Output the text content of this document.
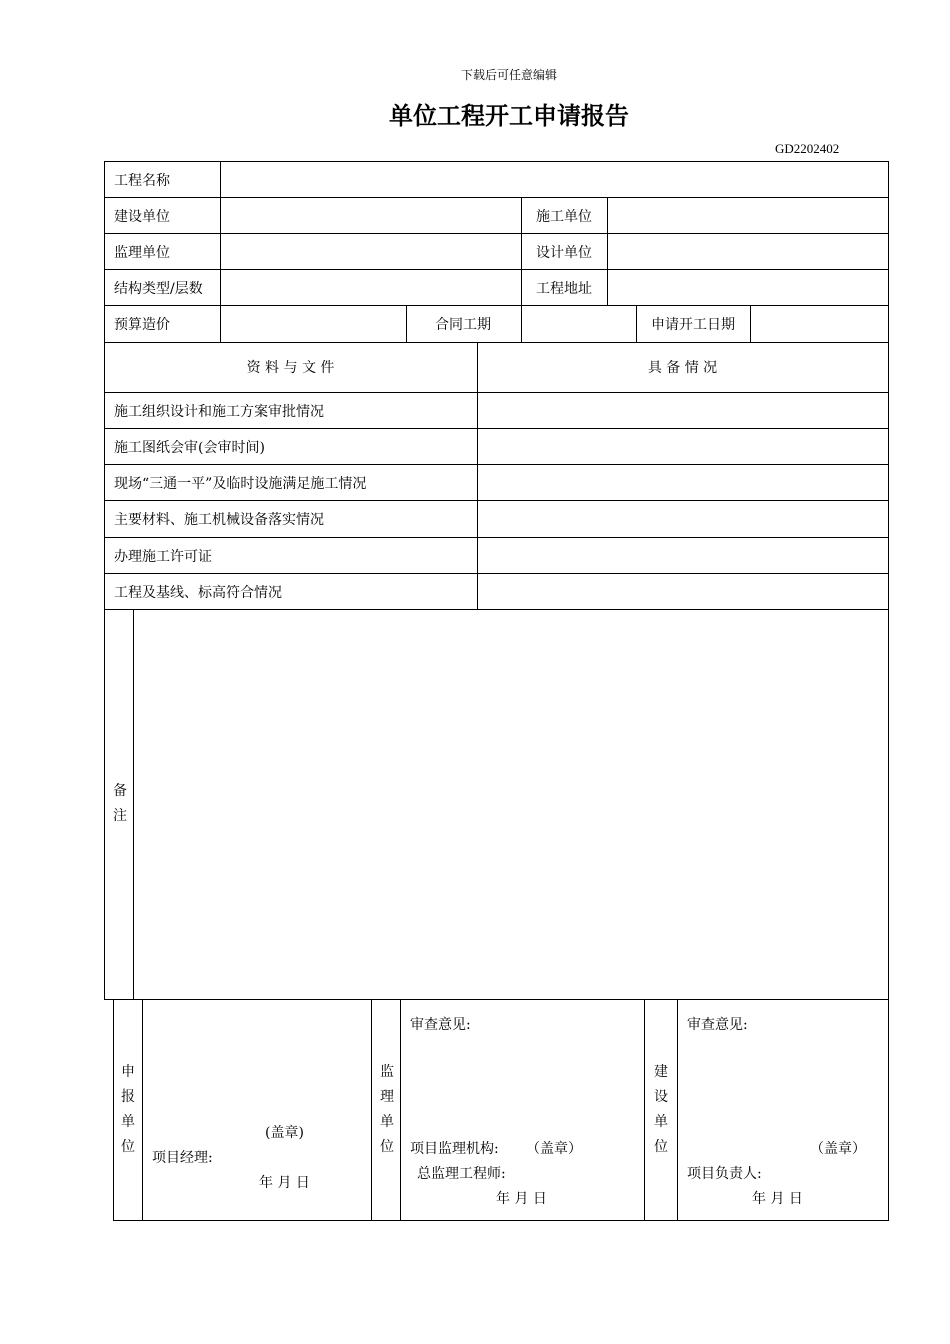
下载后可任意编辑
单位工程开工申请报告
GD2202402
工程名称
建设单位	施工单位
监理单位	设计单位
结构类型/层数	工程地址
预算造价	合同工期	申请开工日期
资 料 与 文 件	具 备 情 况
施工组织设计和施工方案审批情况
施工图纸会审(会审时间)
现场“三通一平”及临时设施满足施工情况
主要材料、施工机械设备落实情况
办理施工许可证
工程及基线、标高符合情况
备
注
申
报
单
位
(盖章)
项目经理:
年 月 日
监
理
单
位
审查意见:
项目监理机构: （盖章）
总监理工程师:
年 月 日
建
设
单
位
审查意见:
（盖章）
项目负责人:
年 月 日
